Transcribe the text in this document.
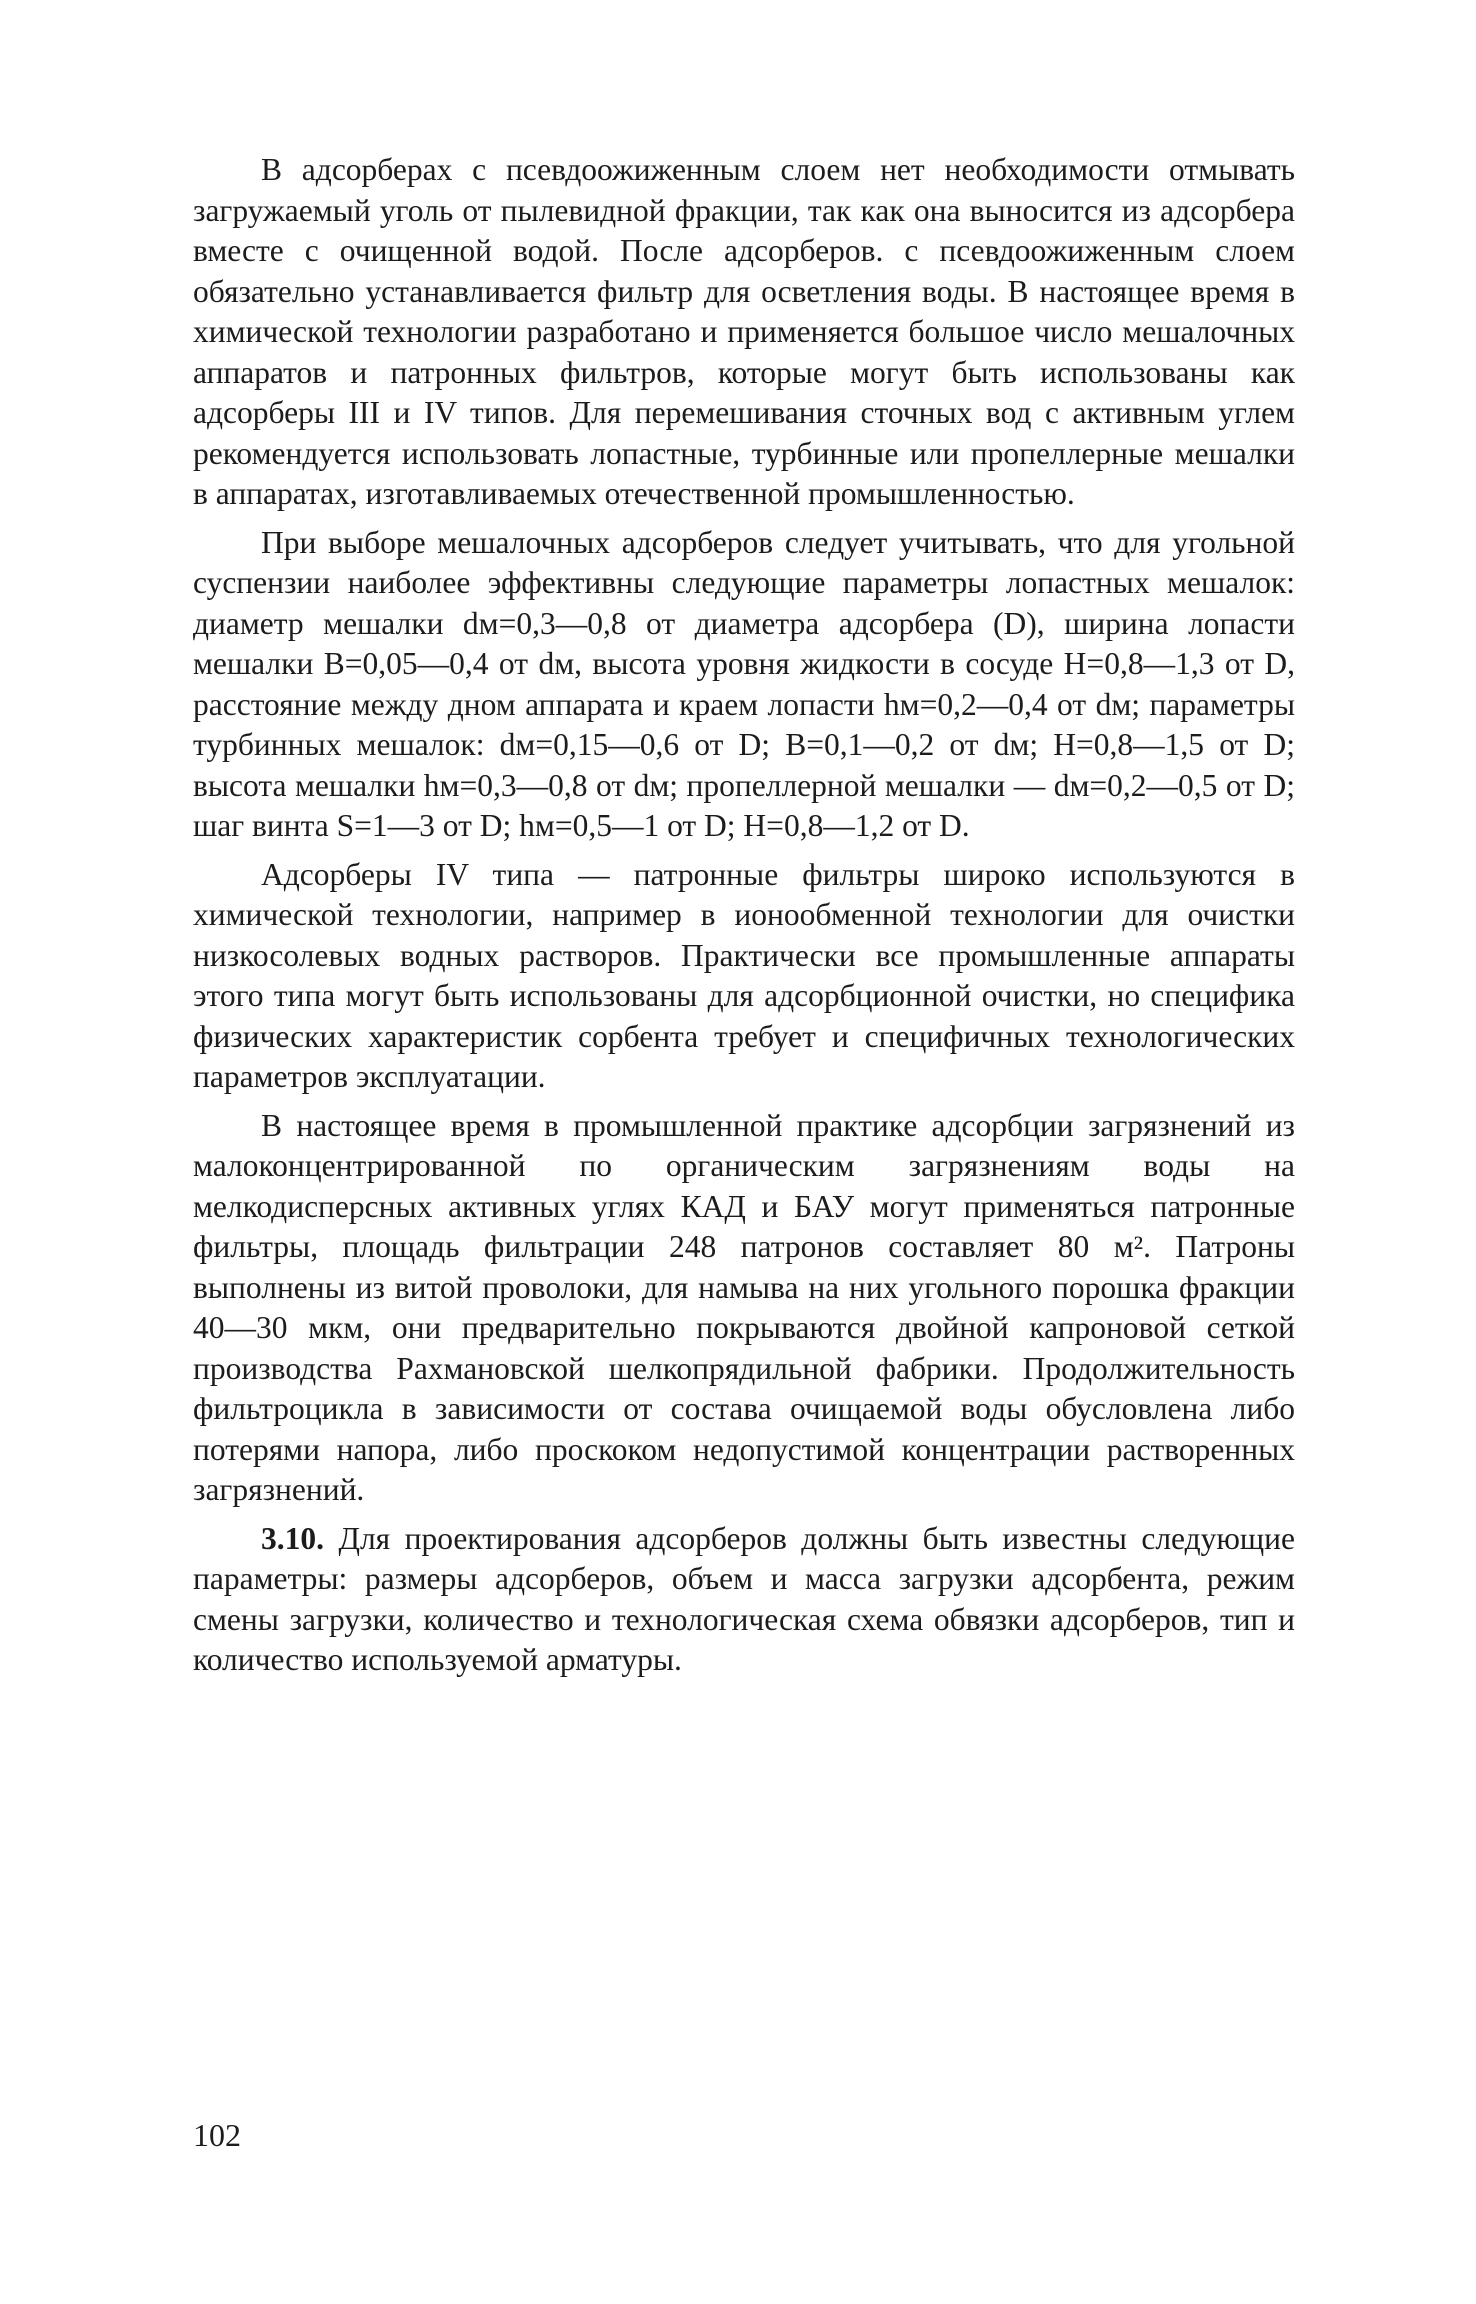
В адсорберах с псевдоожиженным слоем нет необходимости отмывать загружаемый уголь от пылевидной фракции, так как она выносится из адсорбера вместе с очищенной водой. После адсорберов. с псевдоожиженным слоем обязательно устанавливается фильтр для осветления воды. В настоящее время в химической технологии разработано и применяется большое число мешалочных аппаратов и патронных фильтров, которые могут быть использованы как адсорберы III и IV типов. Для перемешивания сточных вод с активным углем рекомендуется использовать лопастные, турбинные или пропеллерные мешалки в аппаратах, изготавливаемых отечественной промышленностью.

При выборе мешалочных адсорберов следует учитывать, что для угольной суспензии наиболее эффективны следующие параметры лопастных мешалок: диаметр мешалки dм=0,3—0,8 от диаметра адсорбера (D), ширина лопасти мешалки B=0,05—0,4 от dм, высота уровня жидкости в сосуде H=0,8—1,3 от D, расстояние между дном аппарата и краем лопасти hм=0,2—0,4 от dм; параметры турбинных мешалок: dм=0,15—0,6 от D; B=0,1—0,2 от dм; H=0,8—1,5 от D; высота мешалки hм=0,3—0,8 от dм; пропеллерной мешалки — dм=0,2—0,5 от D; шаг винта S=1—3 от D; hм=0,5—1 от D; H=0,8—1,2 от D.

Адсорберы IV типа — патронные фильтры широко используются в химической технологии, например в ионообменной технологии для очистки низкосолевых водных растворов. Практически все промышленные аппараты этого типа могут быть использованы для адсорбционной очистки, но специфика физических характеристик сорбента требует и специфичных технологических параметров эксплуатации.

В настоящее время в промышленной практике адсорбции загрязнений из малоконцентрированной по органическим загрязнениям воды на мелкодисперсных активных углях КАД и БАУ могут применяться патронные фильтры, площадь фильтрации 248 патронов составляет 80 м². Патроны выполнены из витой проволоки, для намыва на них угольного порошка фракции 40—30 мкм, они предварительно покрываются двойной капроновой сеткой производства Рахмановской шелкопрядильной фабрики. Продолжительность фильтроцикла в зависимости от состава очищаемой воды обусловлена либо потерями напора, либо проскоком недопустимой концентрации растворенных загрязнений.

3.10. Для проектирования адсорберов должны быть известны следующие параметры: размеры адсорберов, объем и масса загрузки адсорбента, режим смены загрузки, количество и технологическая схема обвязки адсорберов, тип и количество используемой арматуры.

102
